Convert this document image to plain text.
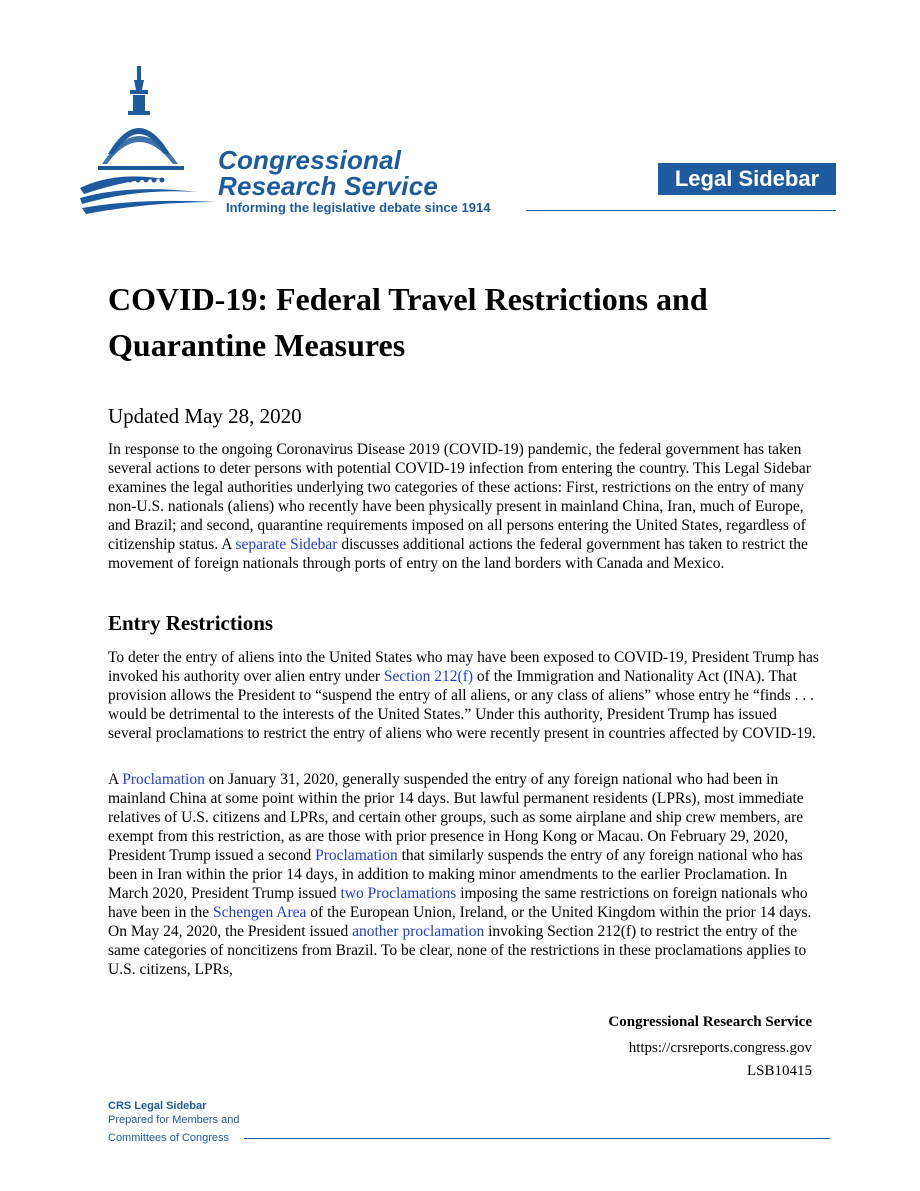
Congressional
Research Service
Informing the legislative debate since 1914
Legal Sidebar
COVID-19: Federal Travel Restrictions and Quarantine Measures
Updated May 28, 2020

In response to the ongoing Coronavirus Disease 2019 (COVID-19) pandemic, the federal government has taken several actions to deter persons with potential COVID-19 infection from entering the country. This Legal Sidebar examines the legal authorities underlying two categories of these actions: First, restrictions on the entry of many non-U.S. nationals (aliens) who recently have been physically present in mainland China, Iran, much of Europe, and Brazil; and second, quarantine requirements imposed on all persons entering the United States, regardless of citizenship status. A separate Sidebar discusses additional actions the federal government has taken to restrict the movement of foreign nationals through ports of entry on the land borders with Canada and Mexico.

Entry Restrictions

To deter the entry of aliens into the United States who may have been exposed to COVID-19, President Trump has invoked his authority over alien entry under Section 212(f) of the Immigration and Nationality Act (INA). That provision allows the President to “suspend the entry of all aliens, or any class of aliens” whose entry he “finds . . . would be detrimental to the interests of the United States.” Under this authority, President Trump has issued several proclamations to restrict the entry of aliens who were recently present in countries affected by COVID-19.

A Proclamation on January 31, 2020, generally suspended the entry of any foreign national who had been in mainland China at some point within the prior 14 days. But lawful permanent residents (LPRs), most immediate relatives of U.S. citizens and LPRs, and certain other groups, such as some airplane and ship crew members, are exempt from this restriction, as are those with prior presence in Hong Kong or Macau. On February 29, 2020, President Trump issued a second Proclamation that similarly suspends the entry of any foreign national who has been in Iran within the prior 14 days, in addition to making minor amendments to the earlier Proclamation. In March 2020, President Trump issued two Proclamations imposing the same restrictions on foreign nationals who have been in the Schengen Area of the European Union, Ireland, or the United Kingdom within the prior 14 days. On May 24, 2020, the President issued another proclamation invoking Section 212(f) to restrict the entry of the same categories of noncitizens from Brazil. To be clear, none of the restrictions in these proclamations applies to U.S. citizens, LPRs,

Congressional Research Service
https://crsreports.congress.gov
LSB10415
CRS Legal Sidebar
Prepared for Members and
Committees of Congress
